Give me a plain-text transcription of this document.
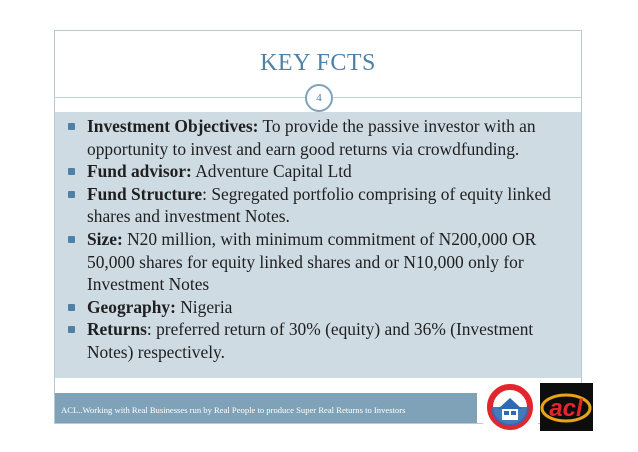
KEY FCTS
4
Investment Objectives: To provide the passive investor with an opportunity to invest and earn good returns via crowdfunding.
Fund advisor: Adventure Capital Ltd
Fund Structure: Segregated portfolio comprising of equity linked shares and investment Notes.
Size: N20 million, with minimum commitment of N200,000 OR 50,000 shares for equity linked shares and or N10,000 only for Investment Notes
Geography: Nigeria
Returns: preferred return of 30% (equity) and 36% (Investment Notes) respectively.
ACL..Working with Real Businesses run by Real People to produce Super Real Returns to Investors	acl
